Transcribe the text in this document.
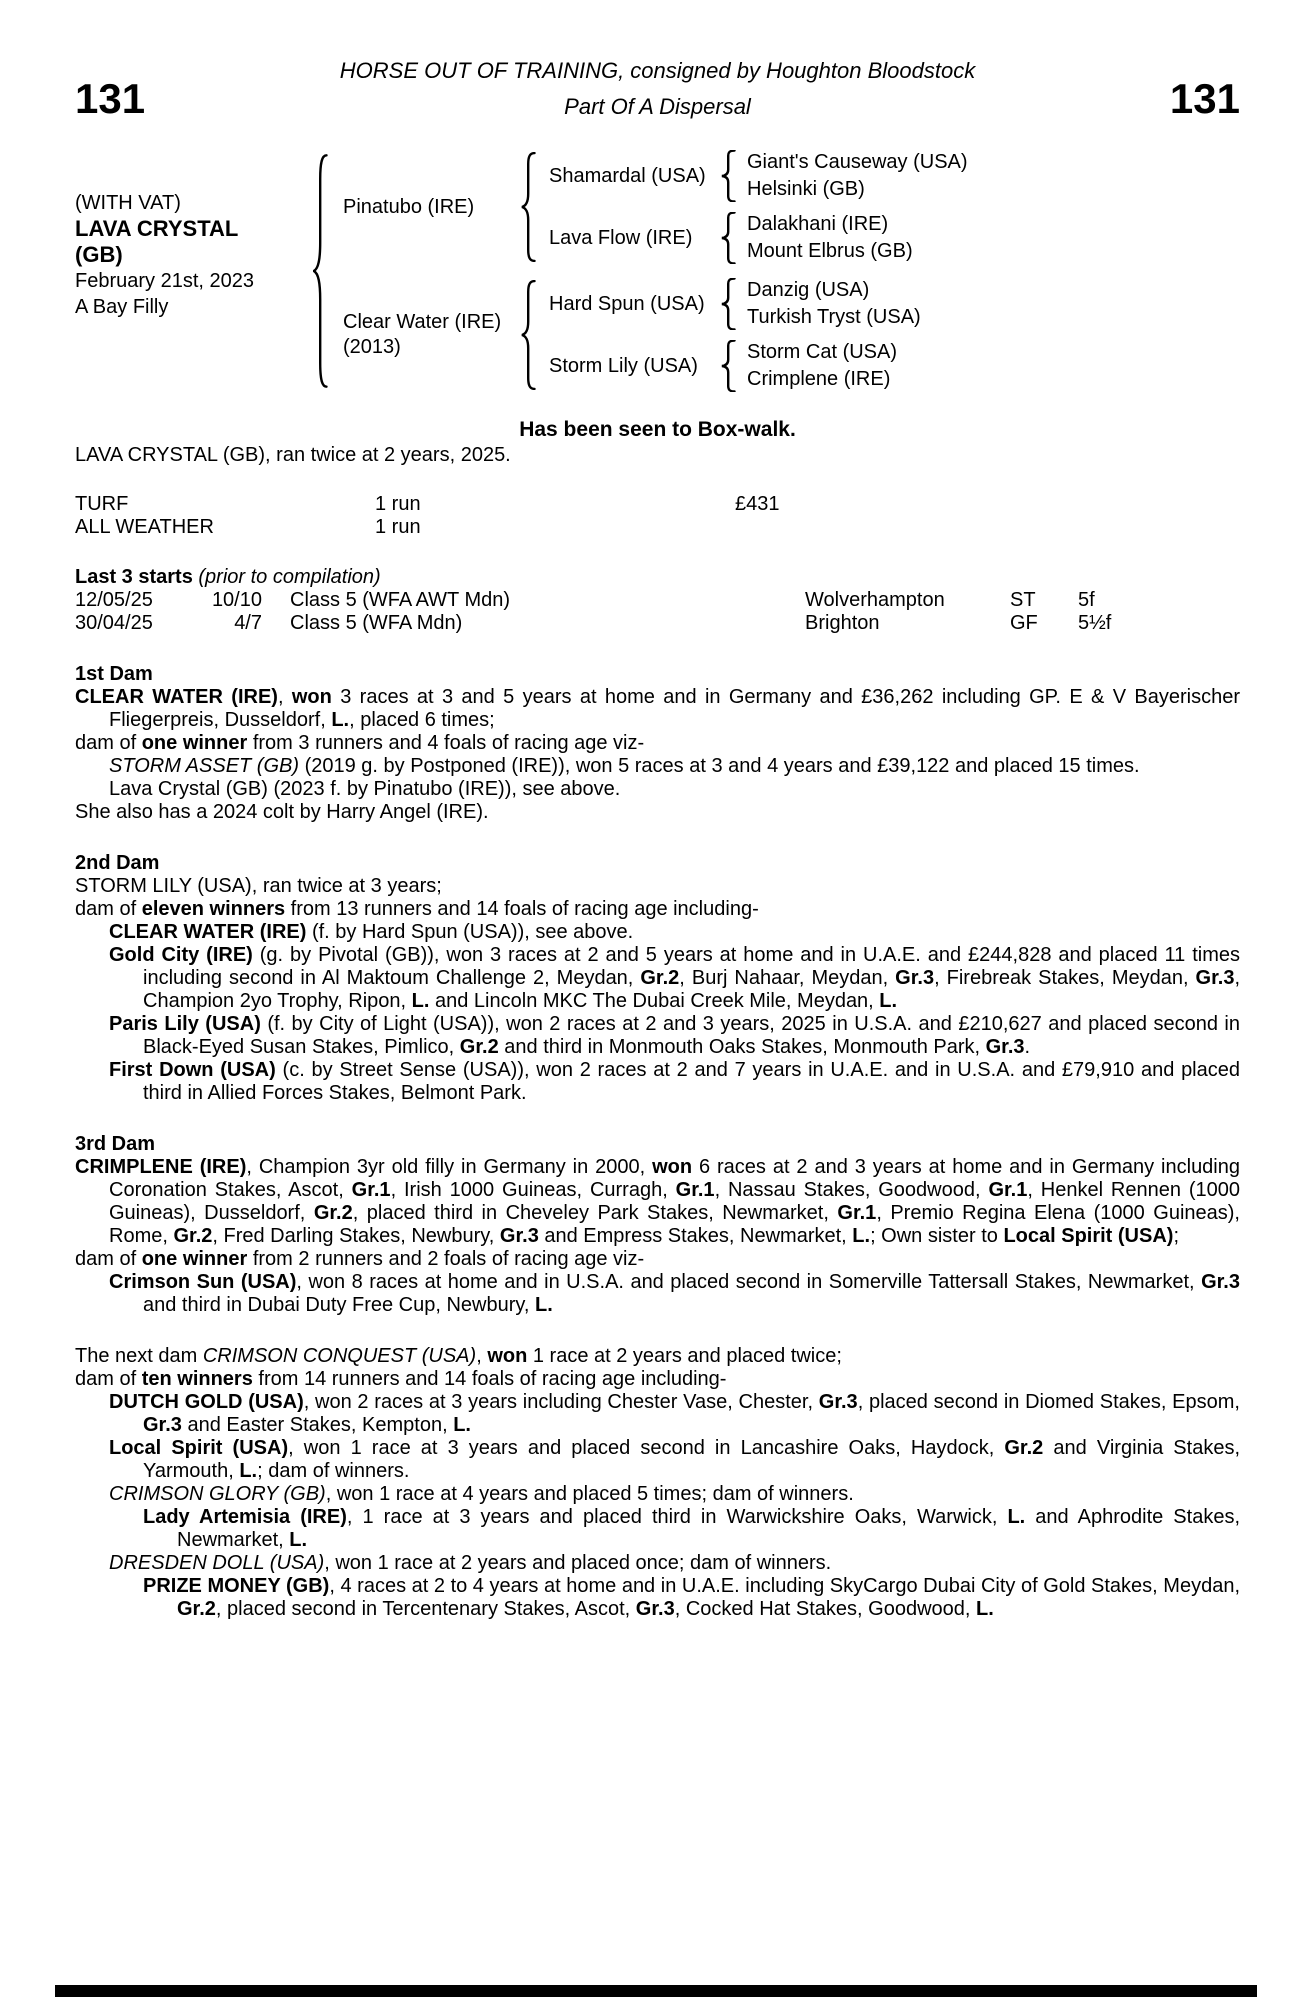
131
HORSE OUT OF TRAINING, consigned by Houghton Bloodstock
Part Of A Dispersal	131
(WITH VAT)
LAVA CRYSTAL
(GB)
February 21st, 2023
A Bay Filly
Pinatubo (IRE)
Shamardal (USA)
Giant's Causeway (USA)
Helsinki (GB)
Lava Flow (IRE)
Dalakhani (IRE)
Mount Elbrus (GB)
Clear Water (IRE)
(2013)
Hard Spun (USA)
Danzig (USA)
Turkish Tryst (USA)
Storm Lily (USA)
Storm Cat (USA)
Crimplene (IRE)
Has been seen to Box-walk.
LAVA CRYSTAL (GB), ran twice at 2 years, 2025.
TURF	1 run	£431
ALL WEATHER	1 run
Last 3 starts (prior to compilation)
12/05/25	10/10	Class 5 (WFA AWT Mdn)	Wolverhampton	ST	5f
30/04/25	4/7	Class 5 (WFA Mdn)	Brighton	GF	5½f
1st Dam

CLEAR WATER (IRE), won 3 races at 3 and 5 years at home and in Germany and £36,262 including GP. E & V Bayerischer Fliegerpreis, Dusseldorf, L., placed 6 times;

dam of one winner from 3 runners and 4 foals of racing age viz-

STORM ASSET (GB) (2019 g. by Postponed (IRE)), won 5 races at 3 and 4 years and £39,122 and placed 15 times.

Lava Crystal (GB) (2023 f. by Pinatubo (IRE)), see above.

She also has a 2024 colt by Harry Angel (IRE).

2nd Dam

STORM LILY (USA), ran twice at 3 years;

dam of eleven winners from 13 runners and 14 foals of racing age including-

CLEAR WATER (IRE) (f. by Hard Spun (USA)), see above.

Gold City (IRE) (g. by Pivotal (GB)), won 3 races at 2 and 5 years at home and in U.A.E. and £244,828 and placed 11 times including second in Al Maktoum Challenge 2, Meydan, Gr.2, Burj Nahaar, Meydan, Gr.3, Firebreak Stakes, Meydan, Gr.3, Champion 2yo Trophy, Ripon, L. and Lincoln MKC The Dubai Creek Mile, Meydan, L.

Paris Lily (USA) (f. by City of Light (USA)), won 2 races at 2 and 3 years, 2025 in U.S.A. and £210,627 and placed second in Black-Eyed Susan Stakes, Pimlico, Gr.2 and third in Monmouth Oaks Stakes, Monmouth Park, Gr.3.

First Down (USA) (c. by Street Sense (USA)), won 2 races at 2 and 7 years in U.A.E. and in U.S.A. and £79,910 and placed third in Allied Forces Stakes, Belmont Park.

3rd Dam

CRIMPLENE (IRE), Champion 3yr old filly in Germany in 2000, won 6 races at 2 and 3 years at home and in Germany including Coronation Stakes, Ascot, Gr.1, Irish 1000 Guineas, Curragh, Gr.1, Nassau Stakes, Goodwood, Gr.1, Henkel Rennen (1000 Guineas), Dusseldorf, Gr.2, placed third in Cheveley Park Stakes, Newmarket, Gr.1, Premio Regina Elena (1000 Guineas), Rome, Gr.2, Fred Darling Stakes, Newbury, Gr.3 and Empress Stakes, Newmarket, L.; Own sister to Local Spirit (USA);

dam of one winner from 2 runners and 2 foals of racing age viz-

Crimson Sun (USA), won 8 races at home and in U.S.A. and placed second in Somerville Tattersall Stakes, Newmarket, Gr.3 and third in Dubai Duty Free Cup, Newbury, L.

The next dam CRIMSON CONQUEST (USA), won 1 race at 2 years and placed twice;

dam of ten winners from 14 runners and 14 foals of racing age including-

DUTCH GOLD (USA), won 2 races at 3 years including Chester Vase, Chester, Gr.3, placed second in Diomed Stakes, Epsom, Gr.3 and Easter Stakes, Kempton, L.

Local Spirit (USA), won 1 race at 3 years and placed second in Lancashire Oaks, Haydock, Gr.2 and Virginia Stakes, Yarmouth, L.; dam of winners.

CRIMSON GLORY (GB), won 1 race at 4 years and placed 5 times; dam of winners.

Lady Artemisia (IRE), 1 race at 3 years and placed third in Warwickshire Oaks, Warwick, L. and Aphrodite Stakes, Newmarket, L.

DRESDEN DOLL (USA), won 1 race at 2 years and placed once; dam of winners.

PRIZE MONEY (GB), 4 races at 2 to 4 years at home and in U.A.E. including SkyCargo Dubai City of Gold Stakes, Meydan, Gr.2, placed second in Tercentenary Stakes, Ascot, Gr.3, Cocked Hat Stakes, Goodwood, L.
